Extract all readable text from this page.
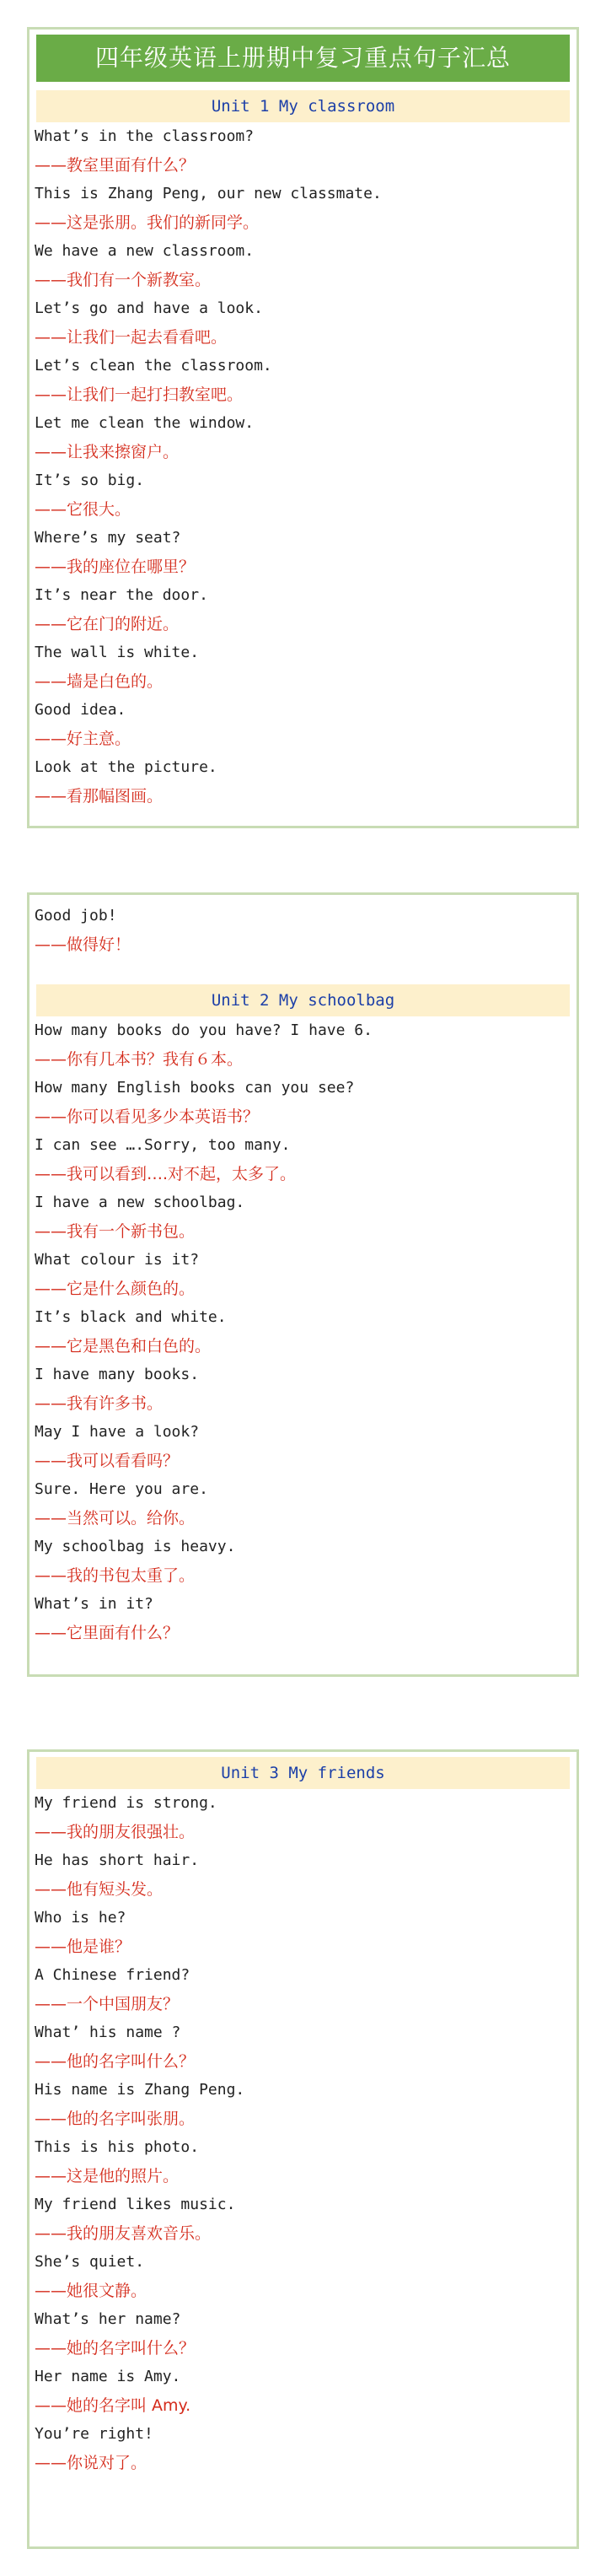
四年级英语上册期中复习重点句子汇总
Unit 1 My classroom
What’s in the classroom?
——教室里面有什么？
This is Zhang Peng, our new classmate.
——这是张朋。我们的新同学。
We have a new classroom.
——我们有一个新教室。
Let’s go and have a look.
——让我们一起去看看吧。
Let’s clean the classroom.
——让我们一起打扫教室吧。
Let me clean the window.
——让我来擦窗户。
It’s so big.
——它很大。
Where’s my seat?
——我的座位在哪里？
It’s near the door.
——它在门的附近。
The wall is white.
——墙是白色的。
Good idea.
——好主意。
Look at the picture.
——看那幅图画。
Good job!
——做得好！
Unit 2 My schoolbag
How many books do you have? I have 6.
——你有几本书？我有６本。
How many English books can you see?
——你可以看见多少本英语书？
I can see ….Sorry, too many.
——我可以看到….对不起，太多了。
I have a new schoolbag.
——我有一个新书包。
What colour is it?
——它是什么颜色的。
It’s black and white.
——它是黑色和白色的。
I have many books.
——我有许多书。
May I have a look?
——我可以看看吗？
Sure. Here you are.
——当然可以。给你。
My schoolbag is heavy.
——我的书包太重了。
What’s in it?
——它里面有什么？
Unit 3 My friends
My friend is strong.
——我的朋友很强壮。
He has short hair.
——他有短头发。
Who is he?
——他是谁？
A Chinese friend?
——一个中国朋友？
What’ his name ?
——他的名字叫什么？
His name is Zhang Peng.
——他的名字叫张朋。
This is his photo.
——这是他的照片。
My friend likes music.
——我的朋友喜欢音乐。
She’s quiet.
——她很文静。
What’s her name?
——她的名字叫什么？
Her name is Amy.
——她的名字叫 Amy.
You’re right!
——你说对了。
